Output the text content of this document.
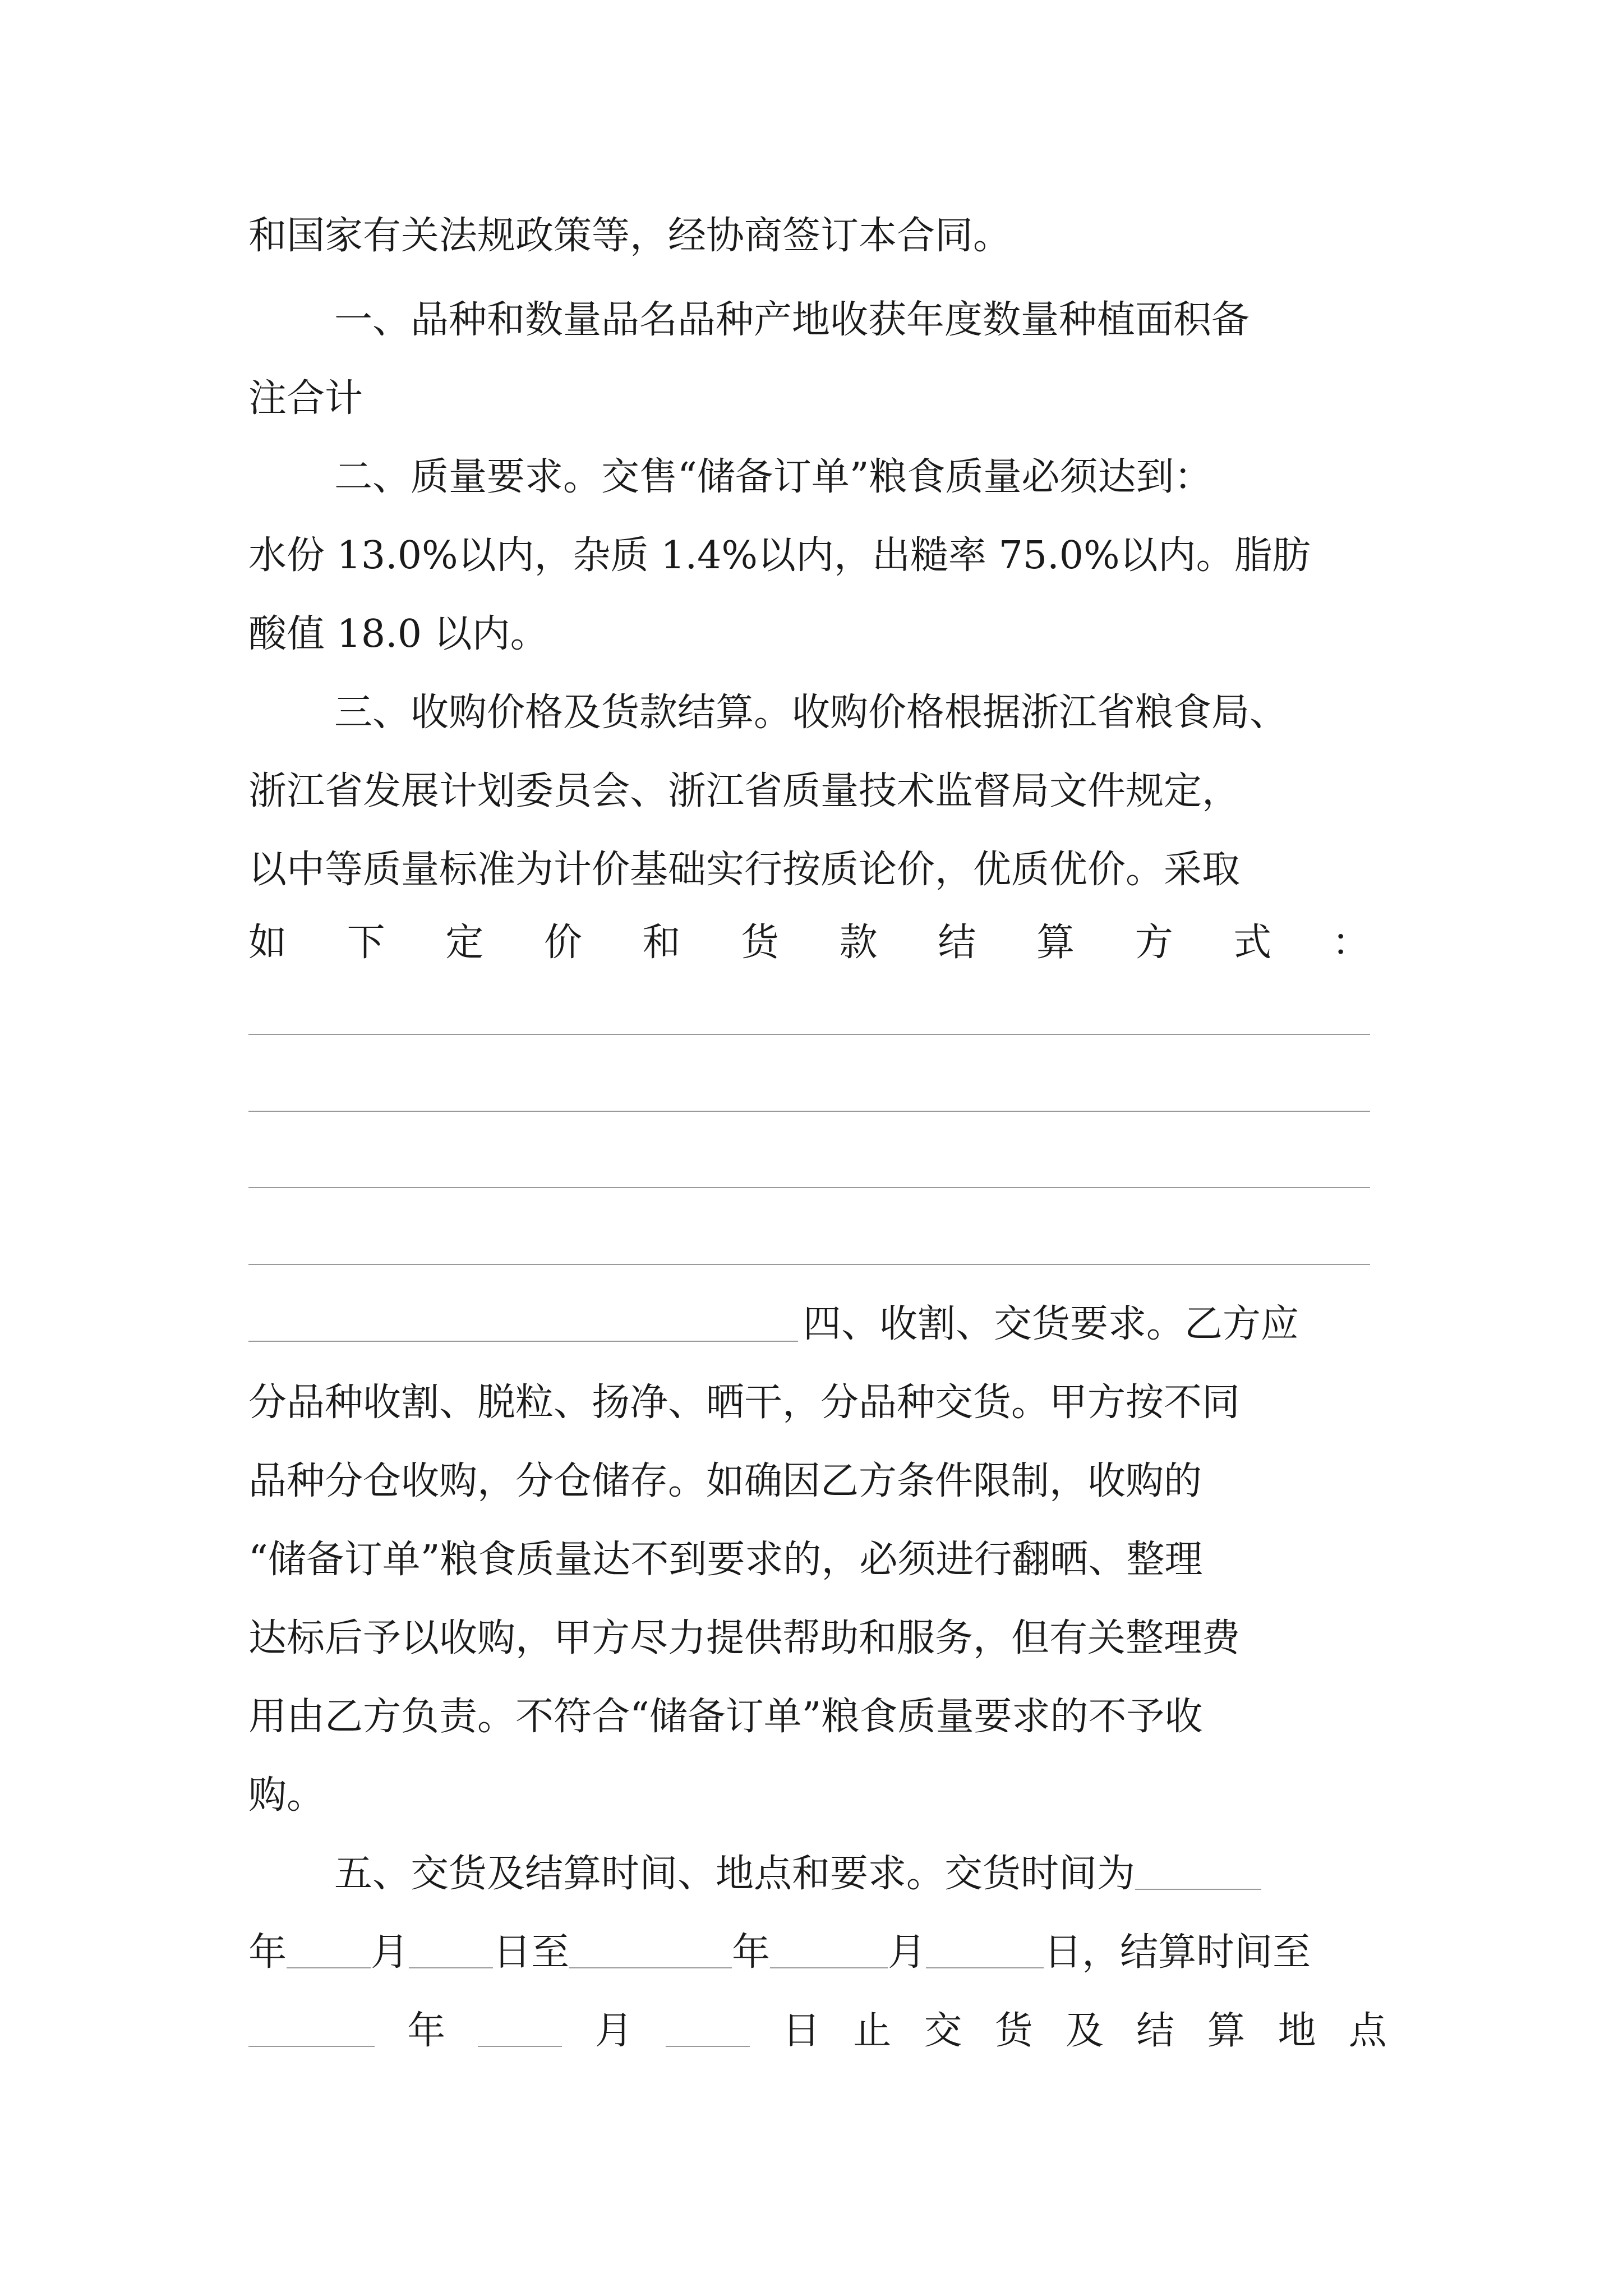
和国家有关法规政策等，经协商签订本合同。
一、品种和数量品名品种产地收获年度数量种植面积备
注合计
二、质量要求。交售“储备订单”粮食质量必须达到：
水份 13.0%以内，杂质 1.4%以内，出糙率 75.0%以内。脂肪
酸值 18.0 以内。
三、收购价格及货款结算。收购价格根据浙江省粮食局、
浙江省发展计划委员会、浙江省质量技术监督局文件规定，
以中等质量标准为计价基础实行按质论价，优质优价。采取
如 下 定 价 和 货 款 结 算 方 式 ：
四、收割、交货要求。乙方应
分品种收割、脱粒、扬净、晒干，分品种交货。甲方按不同
品种分仓收购，分仓储存。如确因乙方条件限制，收购的
“储备订单”粮食质量达不到要求的，必须进行翻晒、整理
达标后予以收购，甲方尽力提供帮助和服务，但有关整理费
用由乙方负责。不符合“储备订单”粮食质量要求的不予收
购。
五、交货及结算时间、地点和要求。交货时间为
年 月 日至	年	月	日，结算时间至
年	月	日 止 交 货 及 结 算 地 点
